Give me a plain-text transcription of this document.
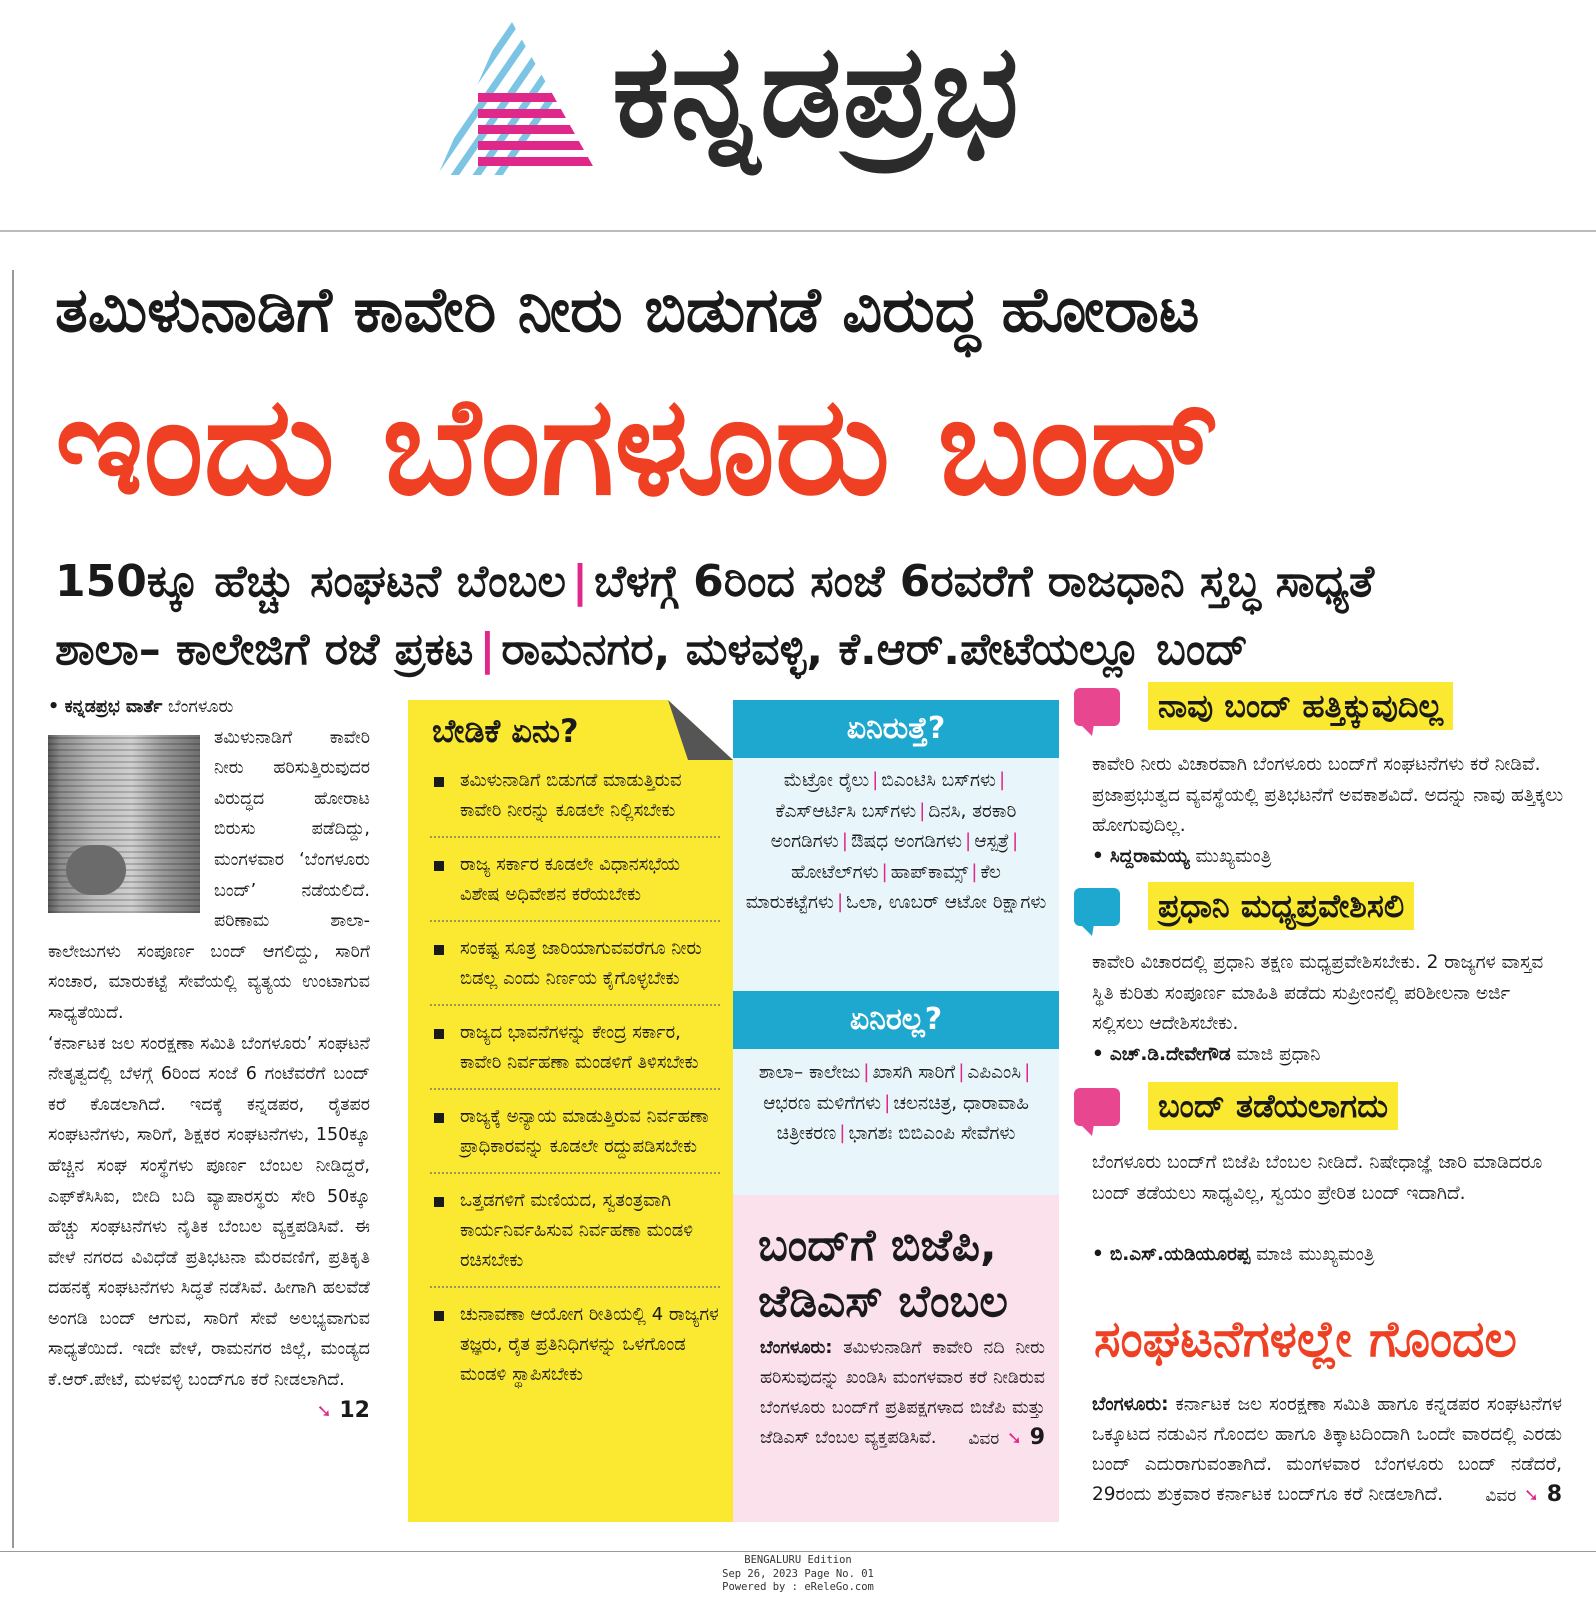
ಕನ್ನಡಪ್ರಭ
ತಮಿಳುನಾಡಿಗೆ ಕಾವೇರಿ ನೀರು ಬಿಡುಗಡೆ ವಿರುದ್ಧ ಹೋರಾಟ
ಇಂದು ಬೆಂಗಳೂರು ಬಂದ್
150ಕ್ಕೂ ಹೆಚ್ಚು ಸಂಘಟನೆ ಬೆಂಬಲ | ಬೆಳಗ್ಗೆ 6ರಿಂದ ಸಂಜೆ 6ರವರೆಗೆ ರಾಜಧಾನಿ ಸ್ತಬ್ಧ ಸಾಧ್ಯತೆ
ಶಾಲಾ– ಕಾಲೇಜಿಗೆ ರಜೆ ಪ್ರಕಟ | ರಾಮನಗರ, ಮಳವಳ್ಳಿ, ಕೆ.ಆರ್.ಪೇಟೆಯಲ್ಲೂ ಬಂದ್
• ಕನ್ನಡಪ್ರಭ ವಾರ್ತೆ ಬೆಂಗಳೂರು

ತಮಿಳುನಾಡಿಗೆ ಕಾವೇರಿ ನೀರು ಹರಿಸುತ್ತಿರುವುದರ ವಿರುದ್ಧದ ಹೋರಾಟ ಬಿರುಸು ಪಡೆದಿದ್ದು, ಮಂಗಳವಾರ ‘ಬೆಂಗಳೂರು ಬಂದ್’ ನಡೆಯಲಿದೆ. ಪರಿಣಾಮ ಶಾಲಾ-ಕಾಲೇಜುಗಳು ಸಂಪೂರ್ಣ ಬಂದ್ ಆಗಲಿದ್ದು, ಸಾರಿಗೆ ಸಂಚಾರ, ಮಾರುಕಟ್ಟೆ ಸೇವೆಯಲ್ಲಿ ವ್ಯತ್ಯಯ ಉಂಟಾಗುವ ಸಾಧ್ಯತೆಯಿದೆ.

‘ಕರ್ನಾಟಕ ಜಲ ಸಂರಕ್ಷಣಾ ಸಮಿತಿ ಬೆಂಗಳೂರು’ ಸಂಘಟನೆ ನೇತೃತ್ವದಲ್ಲಿ ಬೆಳಗ್ಗೆ 6ರಿಂದ ಸಂಜೆ 6 ಗಂಟೆವರೆಗೆ ಬಂದ್ ಕರೆ ಕೊಡಲಾಗಿದೆ. ಇದಕ್ಕೆ ಕನ್ನಡಪರ, ರೈತಪರ ಸಂಘಟನೆಗಳು, ಸಾರಿಗೆ, ಶಿಕ್ಷಕರ ಸಂಘಟನೆಗಳು, 150ಕ್ಕೂ ಹೆಚ್ಚಿನ ಸಂಘ ಸಂಸ್ಥೆಗಳು ಪೂರ್ಣ ಬೆಂಬಲ ನೀಡಿದ್ದರೆ, ಎಫ್‌ಕೆಸಿಸಿಐ, ಬೀದಿ ಬದಿ ವ್ಯಾಪಾರಸ್ಥರು ಸೇರಿ 50ಕ್ಕೂ ಹೆಚ್ಚು ಸಂಘಟನೆಗಳು ನೈತಿಕ ಬೆಂಬಲ ವ್ಯಕ್ತಪಡಿಸಿವೆ. ಈ ವೇಳೆ ನಗರದ ವಿವಿಧೆಡೆ ಪ್ರತಿಭಟನಾ ಮೆರವಣಿಗೆ, ಪ್ರತಿಕೃತಿ ದಹನಕ್ಕೆ ಸಂಘಟನೆಗಳು ಸಿದ್ಧತೆ ನಡೆಸಿವೆ. ಹೀಗಾಗಿ ಹಲವೆಡೆ ಅಂಗಡಿ ಬಂದ್ ಆಗುವ, ಸಾರಿಗೆ ಸೇವೆ ಅಲಭ್ಯವಾಗುವ ಸಾಧ್ಯತೆಯಿದೆ. ಇದೇ ವೇಳೆ, ರಾಮನಗರ ಜಿಲ್ಲೆ, ಮಂಡ್ಯದ ಕೆ.ಆರ್.ಪೇಟೆ, ಮಳವಳ್ಳಿ ಬಂದ್‌ಗೂ ಕರೆ ನೀಡಲಾಗಿದೆ.

➘ 12
ಬೇಡಿಕೆ ಏನು?
ತಮಿಳುನಾಡಿಗೆ ಬಿಡುಗಡೆ ಮಾಡುತ್ತಿರುವ ಕಾವೇರಿ ನೀರನ್ನು ಕೂಡಲೇ ನಿಲ್ಲಿಸಬೇಕು
ರಾಜ್ಯ ಸರ್ಕಾರ ಕೂಡಲೇ ವಿಧಾನಸಭೆಯ ವಿಶೇಷ ಅಧಿವೇಶನ ಕರೆಯಬೇಕು
ಸಂಕಷ್ಟ ಸೂತ್ರ ಜಾರಿಯಾಗುವವರೆಗೂ ನೀರು ಬಿಡಲ್ಲ ಎಂದು ನಿರ್ಣಯ ಕೈಗೊಳ್ಳಬೇಕು
ರಾಜ್ಯದ ಭಾವನೆಗಳನ್ನು ಕೇಂದ್ರ ಸರ್ಕಾರ, ಕಾವೇರಿ ನಿರ್ವಹಣಾ ಮಂಡಳಿಗೆ ತಿಳಿಸಬೇಕು
ರಾಜ್ಯಕ್ಕೆ ಅನ್ಯಾಯ ಮಾಡುತ್ತಿರುವ ನಿರ್ವಹಣಾ ಪ್ರಾಧಿಕಾರವನ್ನು ಕೂಡಲೇ ರದ್ದುಪಡಿಸಬೇಕು
ಒತ್ತಡಗಳಿಗೆ ಮಣಿಯದ, ಸ್ವತಂತ್ರವಾಗಿ ಕಾರ್ಯನಿರ್ವಹಿಸುವ ನಿರ್ವಹಣಾ ಮಂಡಳಿ ರಚಿಸಬೇಕು
ಚುನಾವಣಾ ಆಯೋಗ ರೀತಿಯಲ್ಲಿ 4 ರಾಜ್ಯಗಳ ತಜ್ಞರು, ರೈತ ಪ್ರತಿನಿಧಿಗಳನ್ನು ಒಳಗೊಂಡ ಮಂಡಳಿ ಸ್ಥಾಪಿಸಬೇಕು
ಏನಿರುತ್ತೆ?
ಮೆಟ್ರೋ ರೈಲು | ಬಿಎಂಟಿಸಿ ಬಸ್‌ಗಳು |ಕೆಎಸ್ಆರ್ಟಿಸಿ ಬಸ್‌ಗಳು | ದಿನಸಿ, ತರಕಾರಿ ಅಂಗಡಿಗಳು | ಔಷಧ ಅಂಗಡಿಗಳು | ಆಸ್ಪತ್ರೆ |ಹೋಟೆಲ್‌ಗಳು | ಹಾಪ್‌ಕಾಮ್ಸ್ | ಕೆಲ ಮಾರುಕಟ್ಟೆಗಳು | ಓಲಾ, ಊಬರ್ ಆಟೋ ರಿಕ್ಷಾಗಳು
ಏನಿರಲ್ಲ?
ಶಾಲಾ– ಕಾಲೇಜು | ಖಾಸಗಿ ಸಾರಿಗೆ | ಎಪಿಎಂಸಿ |ಆಭರಣ ಮಳಿಗೆಗಳು | ಚಲನಚಿತ್ರ, ಧಾರಾವಾಹಿ ಚಿತ್ರೀಕರಣ | ಭಾಗಶಃ ಬಿಬಿಎಂಪಿ ಸೇವೆಗಳು
ಬಂದ್‌ಗೆ ಬಿಜೆಪಿ,
ಜೆಡಿಎಸ್ ಬೆಂಬಲ
ಬೆಂಗಳೂರು: ತಮಿಳುನಾಡಿಗೆ ಕಾವೇರಿ ನದಿ ನೀರು ಹರಿಸುವುದನ್ನು ಖಂಡಿಸಿ ಮಂಗಳವಾರ ಕರೆ ನೀಡಿರುವ ಬೆಂಗಳೂರು ಬಂದ್‌ಗೆ ಪ್ರತಿಪಕ್ಷಗಳಾದ ಬಿಜೆಪಿ ಮತ್ತು ಜೆಡಿಎಸ್ ಬೆಂಬಲ ವ್ಯಕ್ತಪಡಿಸಿವೆ. ವಿವರ ➘ 9
ನಾವು ಬಂದ್ ಹತ್ತಿಕ್ಕುವುದಿಲ್ಲ
ಕಾವೇರಿ ನೀರು ವಿಚಾರವಾಗಿ ಬೆಂಗಳೂರು ಬಂದ್‌ಗೆ ಸಂಘಟನೆಗಳು ಕರೆ ನೀಡಿವೆ. ಪ್ರಜಾಪ್ರಭುತ್ವದ ವ್ಯವಸ್ಥೆಯಲ್ಲಿ ಪ್ರತಿಭಟನೆಗೆ ಅವಕಾಶವಿದೆ. ಅದನ್ನು ನಾವು ಹತ್ತಿಕ್ಕಲು ಹೋಗುವುದಿಲ್ಲ.
• ಸಿದ್ದರಾಮಯ್ಯ ಮುಖ್ಯಮಂತ್ರಿ
ಪ್ರಧಾನಿ ಮಧ್ಯಪ್ರವೇಶಿಸಲಿ
ಕಾವೇರಿ ವಿಚಾರದಲ್ಲಿ ಪ್ರಧಾನಿ ತಕ್ಷಣ ಮಧ್ಯಪ್ರವೇಶಿಸಬೇಕು. 2 ರಾಜ್ಯಗಳ ವಾಸ್ತವ ಸ್ಥಿತಿ ಕುರಿತು ಸಂಪೂರ್ಣ ಮಾಹಿತಿ ಪಡೆದು ಸುಪ್ರೀಂನಲ್ಲಿ ಪರಿಶೀಲನಾ ಅರ್ಜಿ ಸಲ್ಲಿಸಲು ಆದೇಶಿಸಬೇಕು.
• ಎಚ್.ಡಿ.ದೇವೇಗೌಡ ಮಾಜಿ ಪ್ರಧಾನಿ
ಬಂದ್ ತಡೆಯಲಾಗದು
ಬೆಂಗಳೂರು ಬಂದ್‌ಗೆ ಬಿಜೆಪಿ ಬೆಂಬಲ ನೀಡಿದೆ. ನಿಷೇಧಾಜ್ಞೆ ಜಾರಿ ಮಾಡಿದರೂ ಬಂದ್ ತಡೆಯಲು ಸಾಧ್ಯವಿಲ್ಲ, ಸ್ವಯಂ ಪ್ರೇರಿತ ಬಂದ್ ಇದಾಗಿದೆ.
• ಬಿ.ಎಸ್.ಯಡಿಯೂರಪ್ಪ ಮಾಜಿ ಮುಖ್ಯಮಂತ್ರಿ
ಸಂಘಟನೆಗಳಲ್ಲೇ ಗೊಂದಲ
ಬೆಂಗಳೂರು: ಕರ್ನಾಟಕ ಜಲ ಸಂರಕ್ಷಣಾ ಸಮಿತಿ ಹಾಗೂ ಕನ್ನಡಪರ ಸಂಘಟನೆಗಳ ಒಕ್ಕೂಟದ ನಡುವಿನ ಗೊಂದಲ ಹಾಗೂ ತಿಕ್ಕಾಟದಿಂದಾಗಿ ಒಂದೇ ವಾರದಲ್ಲಿ ಎರಡು ಬಂದ್ ಎದುರಾಗುವಂತಾಗಿದೆ. ಮಂಗಳವಾರ ಬೆಂಗಳೂರು ಬಂದ್ ನಡೆದರೆ, 29ರಂದು ಶುಕ್ರವಾರ ಕರ್ನಾಟಕ ಬಂದ್‌ಗೂ ಕರೆ ನೀಡಲಾಗಿದೆ. ವಿವರ ➘ 8
BENGALURU Edition
Sep 26, 2023 Page No. 01
Powered by : eReleGo.com
